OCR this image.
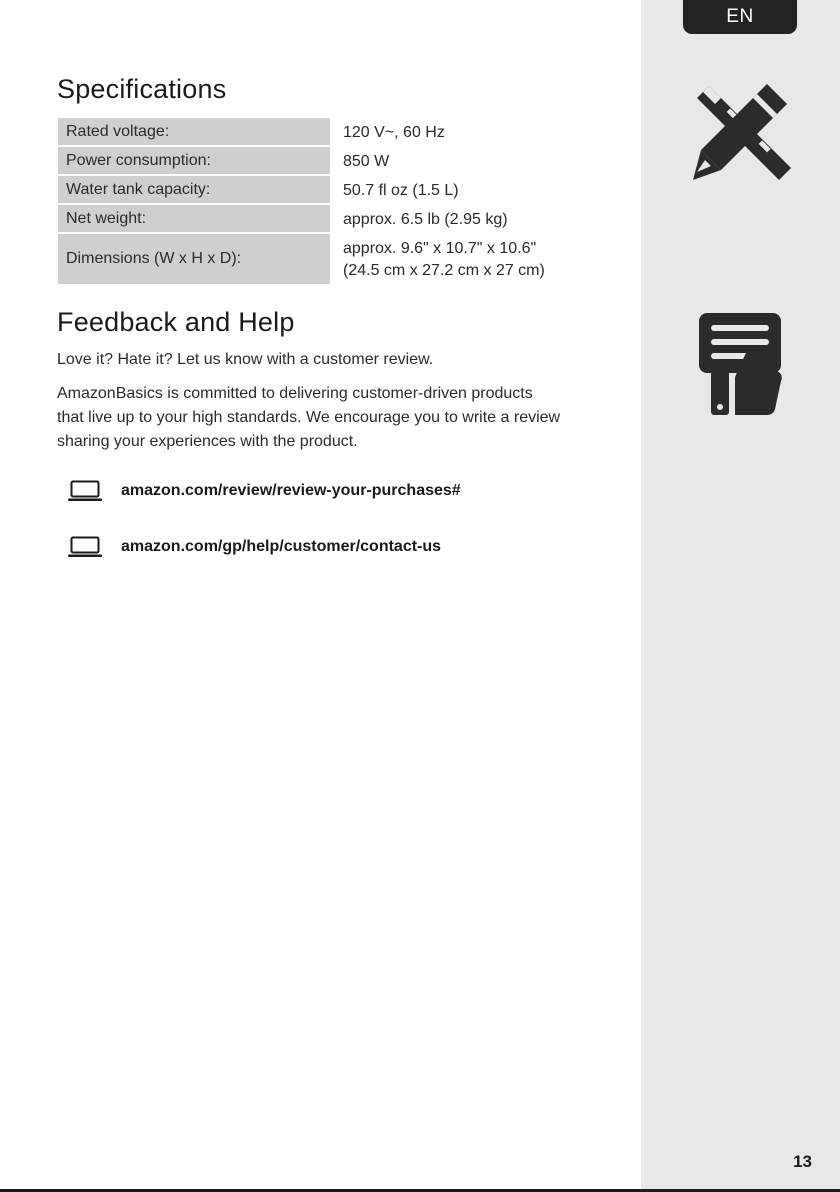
EN
Specifications
Rated voltage:	120 V~, 60 Hz
Power consumption:	850 W
Water tank capacity:	50.7 fl oz (1.5 L)
Net weight:	approx. 6.5 lb (2.95 kg)
Dimensions (W x H x D):	approx. 9.6" x 10.7" x 10.6"
(24.5 cm x 27.2 cm x 27 cm)
Feedback and Help

Love it? Hate it? Let us know with a customer review.

AmazonBasics is committed to delivering customer-driven products
that live up to your high standards. We encourage you to write a review
sharing your experiences with the product.

amazon.com/review/review-your-purchases#
amazon.com/gp/help/customer/contact-us
13
